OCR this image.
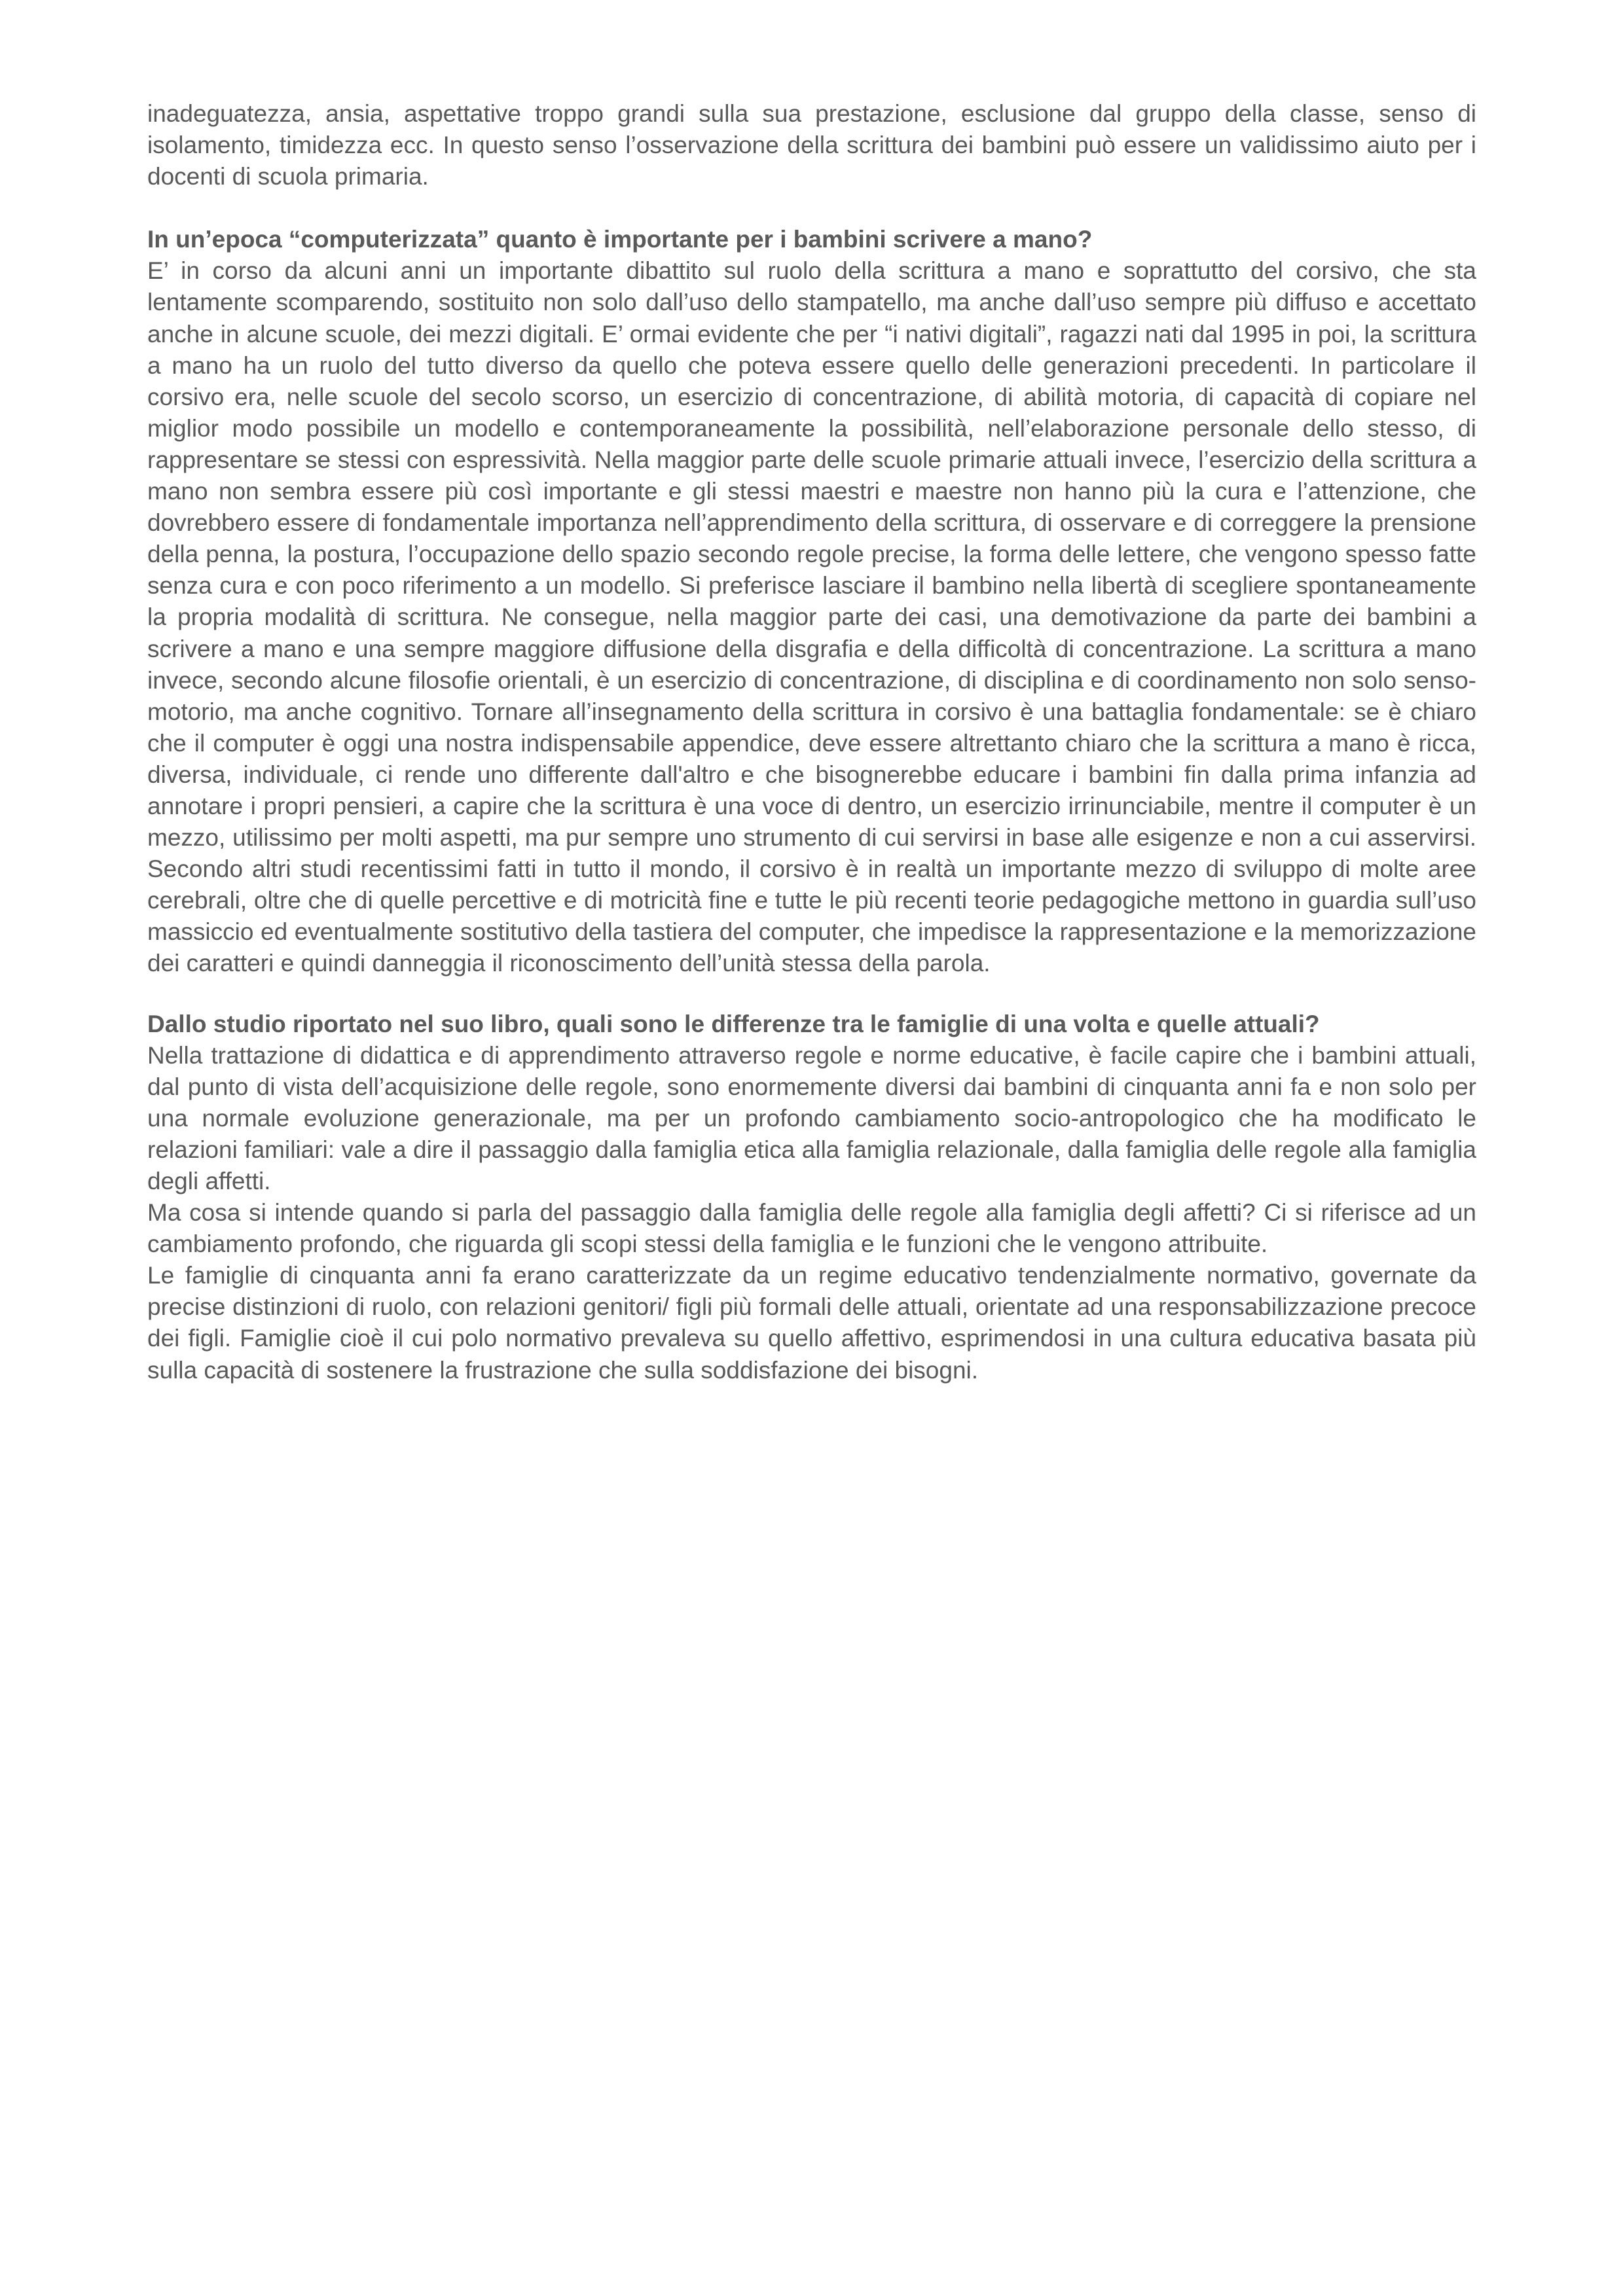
inadeguatezza, ansia, aspettative troppo grandi sulla sua prestazione, esclusione dal gruppo della classe, senso di isolamento, timidezza ecc. In questo senso l’osservazione della scrittura dei bambini può essere un validissimo aiuto per i docenti di scuola primaria.

In un’epoca “computerizzata” quanto è importante per i bambini scrivere a mano?

E’ in corso da alcuni anni un importante dibattito sul ruolo della scrittura a mano e soprattutto del corsivo, che sta lentamente scomparendo, sostituito non solo dall’uso dello stampatello, ma anche dall’uso sempre più diffuso e accettato anche in alcune scuole, dei mezzi digitali. E’ ormai evidente che per “i nativi digitali”, ragazzi nati dal 1995 in poi, la scrittura a mano ha un ruolo del tutto diverso da quello che poteva essere quello delle generazioni precedenti. In particolare il corsivo era, nelle scuole del secolo scorso, un esercizio di concentrazione, di abilità motoria, di capacità di copiare nel miglior modo possibile un modello e contemporaneamente la possibilità, nell’elaborazione personale dello stesso, di rappresentare se stessi con espressività. Nella maggior parte delle scuole primarie attuali invece, l’esercizio della scrittura a mano non sembra essere più così importante e gli stessi maestri e maestre non hanno più la cura e l’attenzione, che dovrebbero essere di fondamentale importanza nell’apprendimento della scrittura, di osservare e di correggere la prensione della penna, la postura, l’occupazione dello spazio secondo regole precise, la forma delle lettere, che vengono spesso fatte senza cura e con poco riferimento a un modello. Si preferisce lasciare il bambino nella libertà di scegliere spontaneamente la propria modalità di scrittura. Ne consegue, nella maggior parte dei casi, una demotivazione da parte dei bambini a scrivere a mano e una sempre maggiore diffusione della disgrafia e della difficoltà di concentrazione. La scrittura a mano invece, secondo alcune filosofie orientali, è un esercizio di concentrazione, di disciplina e di coordinamento non solo senso-motorio, ma anche cognitivo. Tornare all’insegnamento della scrittura in corsivo è una battaglia fondamentale: se è chiaro che il computer è oggi una nostra indispensabile appendice, deve essere altrettanto chiaro che la scrittura a mano è ricca, diversa, individuale, ci rende uno differente dall'altro e che bisognerebbe educare i bambini fin dalla prima infanzia ad annotare i propri pensieri, a capire che la scrittura è una voce di dentro, un esercizio irrinunciabile, mentre il computer è un mezzo, utilissimo per molti aspetti, ma pur sempre uno strumento di cui servirsi in base alle esigenze e non a cui asservirsi. Secondo altri studi recentissimi fatti in tutto il mondo, il corsivo è in realtà un importante mezzo di sviluppo di molte aree cerebrali, oltre che di quelle percettive e di motricità fine e tutte le più recenti teorie pedagogiche mettono in guardia sull’uso massiccio ed eventualmente sostitutivo della tastiera del computer, che impedisce la rappresentazione e la memorizzazione dei caratteri e quindi danneggia il riconoscimento dell’unità stessa della parola.

Dallo studio riportato nel suo libro, quali sono le differenze tra le famiglie di una volta e quelle attuali?

Nella trattazione di didattica e di apprendimento attraverso regole e norme educative, è facile capire che i bambini attuali, dal punto di vista dell’acquisizione delle regole, sono enormemente diversi dai bambini di cinquanta anni fa e non solo per una normale evoluzione generazionale, ma per un profondo cambiamento socio-antropologico che ha modificato le relazioni familiari: vale a dire il passaggio dalla famiglia etica alla famiglia relazionale, dalla famiglia delle regole alla famiglia degli affetti.

Ma cosa si intende quando si parla del passaggio dalla famiglia delle regole alla famiglia degli affetti? Ci si riferisce ad un cambiamento profondo, che riguarda gli scopi stessi della famiglia e le funzioni che le vengono attribuite.

Le famiglie di cinquanta anni fa erano caratterizzate da un regime educativo tendenzialmente normativo, governate da precise distinzioni di ruolo, con relazioni genitori/ figli più formali delle attuali, orientate ad una responsabilizzazione precoce dei figli. Famiglie cioè il cui polo normativo prevaleva su quello affettivo, esprimendosi in una cultura educativa basata più sulla capacità di sostenere la frustrazione che sulla soddisfazione dei bisogni.
